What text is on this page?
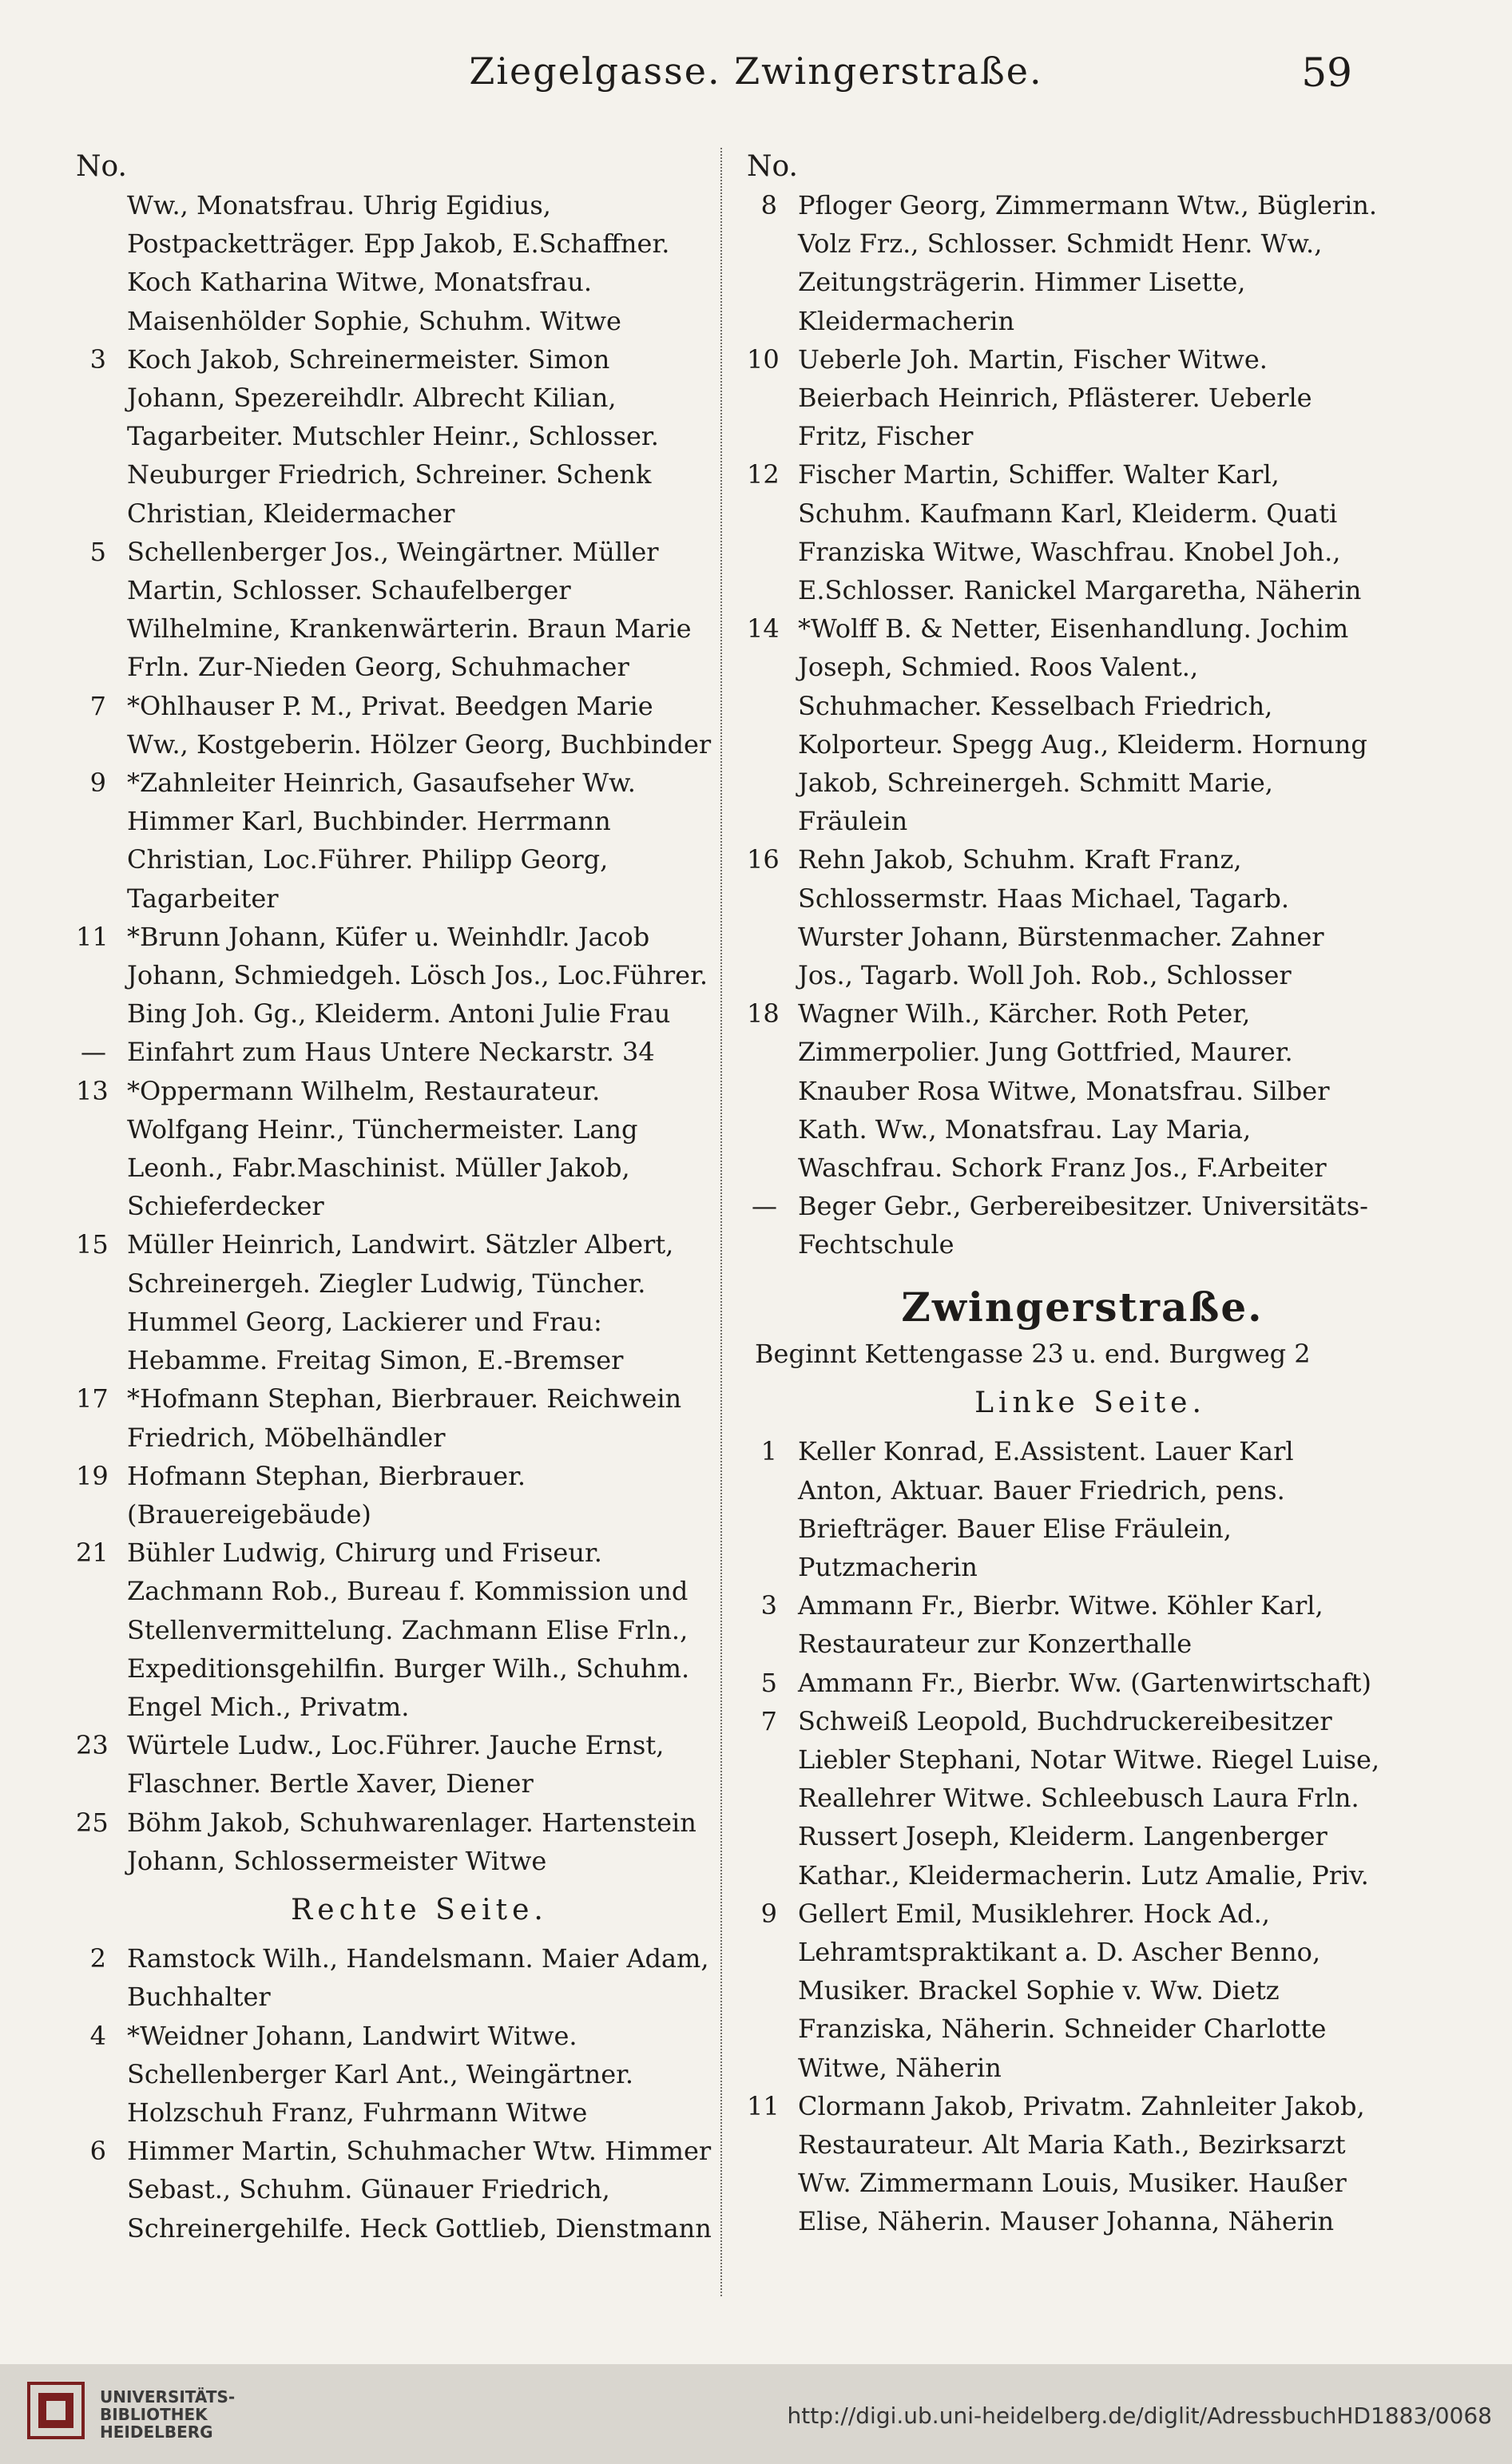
Ziegelgasse. Zwingerstraße.	59
No.
Ww., Monatsfrau. Uhrig Egidius, Postpacketträger. Epp Jakob, E.Schaffner. Koch Katharina Witwe, Monatsfrau. Maisenhölder Sophie, Schuhm. Witwe
3 Koch Jakob, Schreinermeister. Simon Johann, Spezereihdlr. Albrecht Kilian, Tagarbeiter. Mutschler Heinr., Schlosser. Neuburger Friedrich, Schreiner. Schenk Christian, Kleidermacher
5 Schellenberger Jos., Weingärtner. Müller Martin, Schlosser. Schaufelberger Wilhelmine, Krankenwärterin. Braun Marie Frln. Zur-Nieden Georg, Schuhmacher
7 *Ohlhauser P. M., Privat. Beedgen Marie Ww., Kostgeberin. Hölzer Georg, Buchbinder
9 *Zahnleiter Heinrich, Gasaufseher Ww. Himmer Karl, Buchbinder. Herrmann Christian, Loc.Führer. Philipp Georg, Tagarbeiter
11 *Brunn Johann, Küfer u. Weinhdlr. Jacob Johann, Schmiedgeh. Lösch Jos., Loc.Führer. Bing Joh. Gg., Kleiderm. Antoni Julie Frau
— Einfahrt zum Haus Untere Neckarstr. 34
13 *Oppermann Wilhelm, Restaurateur. Wolfgang Heinr., Tünchermeister. Lang Leonh., Fabr.Maschinist. Müller Jakob, Schieferdecker
15 Müller Heinrich, Landwirt. Sätzler Albert, Schreinergeh. Ziegler Ludwig, Tüncher. Hummel Georg, Lackierer und Frau: Hebamme. Freitag Simon, E.-Bremser
17 *Hofmann Stephan, Bierbrauer. Reichwein Friedrich, Möbelhändler
19 Hofmann Stephan, Bierbrauer. (Brauereigebäude)
21 Bühler Ludwig, Chirurg und Friseur. Zachmann Rob., Bureau f. Kommission und Stellenvermittelung. Zachmann Elise Frln., Expeditionsgehilfin. Burger Wilh., Schuhm. Engel Mich., Privatm.
23 Würtele Ludw., Loc.Führer. Jauche Ernst, Flaschner. Bertle Xaver, Diener
25 Böhm Jakob, Schuhwarenlager. Hartenstein Johann, Schlossermeister Witwe
Rechte Seite.
2 Ramstock Wilh., Handelsmann. Maier Adam, Buchhalter
4 *Weidner Johann, Landwirt Witwe. Schellenberger Karl Ant., Weingärtner. Holzschuh Franz, Fuhrmann Witwe
6 Himmer Martin, Schuhmacher Wtw. Himmer Sebast., Schuhm. Günauer Friedrich, Schreinergehilfe. Heck Gottlieb, Dienstmann
No.
8 Pfloger Georg, Zimmermann Wtw., Büglerin. Volz Frz., Schlosser. Schmidt Henr. Ww., Zeitungsträgerin. Himmer Lisette, Kleidermacherin
10 Ueberle Joh. Martin, Fischer Witwe. Beierbach Heinrich, Pflästerer. Ueberle Fritz, Fischer
12 Fischer Martin, Schiffer. Walter Karl, Schuhm. Kaufmann Karl, Kleiderm. Quati Franziska Witwe, Waschfrau. Knobel Joh., E.Schlosser. Ranickel Margaretha, Näherin
14 *Wolff B. & Netter, Eisenhandlung. Jochim Joseph, Schmied. Roos Valent., Schuhmacher. Kesselbach Friedrich, Kolporteur. Spegg Aug., Kleiderm. Hornung Jakob, Schreinergeh. Schmitt Marie, Fräulein
16 Rehn Jakob, Schuhm. Kraft Franz, Schlossermstr. Haas Michael, Tagarb. Wurster Johann, Bürstenmacher. Zahner Jos., Tagarb. Woll Joh. Rob., Schlosser
18 Wagner Wilh., Kärcher. Roth Peter, Zimmerpolier. Jung Gottfried, Maurer. Knauber Rosa Witwe, Monatsfrau. Silber Kath. Ww., Monatsfrau. Lay Maria, Waschfrau. Schork Franz Jos., F.Arbeiter
— Beger Gebr., Gerbereibesitzer. Universitäts-Fechtschule
Zwingerstraße.
Beginnt Kettengasse 23 u. end. Burgweg 2
Linke Seite.
1 Keller Konrad, E.Assistent. Lauer Karl Anton, Aktuar. Bauer Friedrich, pens. Briefträger. Bauer Elise Fräulein, Putzmacherin
3 Ammann Fr., Bierbr. Witwe. Köhler Karl, Restaurateur zur Konzerthalle
5 Ammann Fr., Bierbr. Ww. (Gartenwirtschaft)
7 Schweiß Leopold, Buchdruckereibesitzer Liebler Stephani, Notar Witwe. Riegel Luise, Reallehrer Witwe. Schleebusch Laura Frln. Russert Joseph, Kleiderm. Langenberger Kathar., Kleidermacherin. Lutz Amalie, Priv.
9 Gellert Emil, Musiklehrer. Hock Ad., Lehramtspraktikant a. D. Ascher Benno, Musiker. Brackel Sophie v. Ww. Dietz Franziska, Näherin. Schneider Charlotte Witwe, Näherin
11 Clormann Jakob, Privatm. Zahnleiter Jakob, Restaurateur. Alt Maria Kath., Bezirksarzt Ww. Zimmermann Louis, Musiker. Haußer Elise, Näherin. Mauser Johanna, Näherin
UNIVERSITÄTS-
BIBLIOTHEK
HEIDELBERG
http://digi.ub.uni-heidelberg.de/diglit/AdressbuchHD1883/0068
